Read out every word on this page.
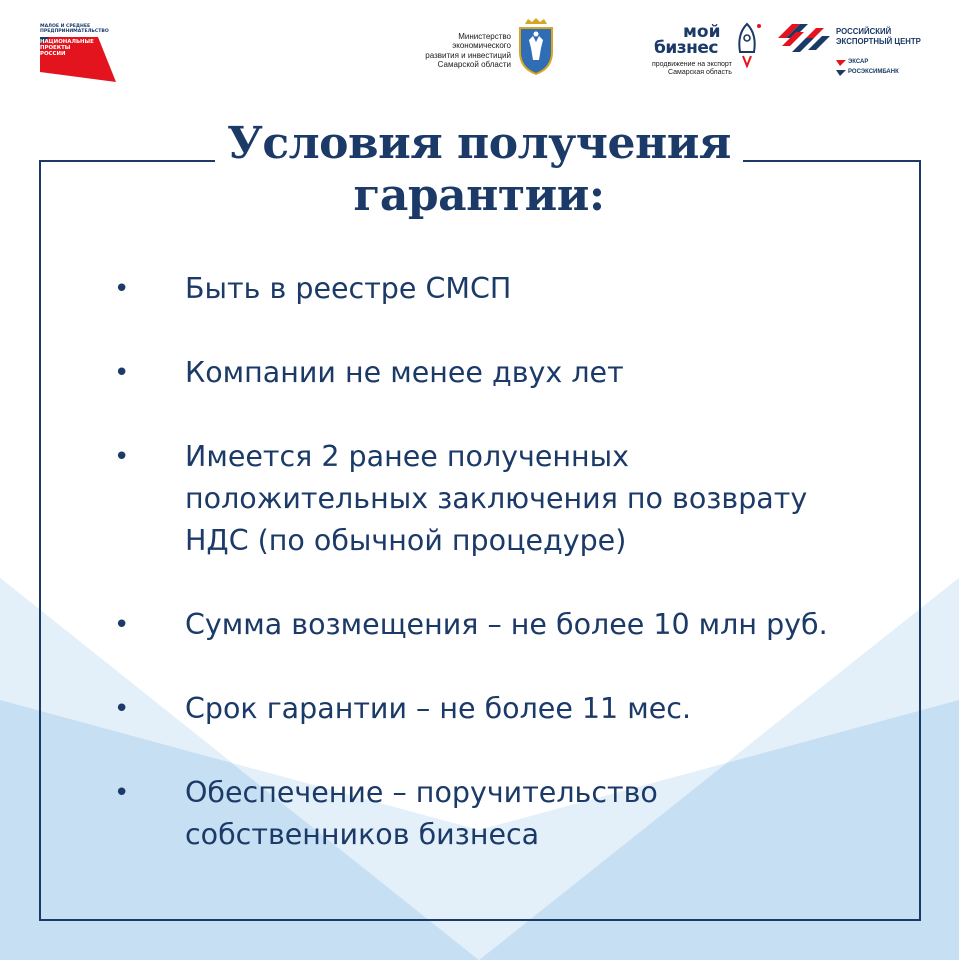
МАЛОЕ И СРЕДНЕЕ
ПРЕДПРИНИМАТЕЛЬСТВО
НАЦИОНАЛЬНЫЕ
ПРОЕКТЫ
РОССИИ
Министерство
экономического
развития и инвестиций
Самарской области
мой
бизнес
продвижение на экспорт
Самарская область
РОССИЙСКИЙ
ЭКСПОРТНЫЙ ЦЕНТР
ЭКСАР
РОСЭКСИМБАНК
Условия получения
гарантии:
• Быть в реестре СМСП
• Компании не менее двух лет
• Имеется 2 ранее полученных
положительных заключения по возврату
НДС (по обычной процедуре)
• Сумма возмещения – не более 10 млн руб.
• Срок гарантии – не более 11 мес.
• Обеспечение – поручительство
собственников бизнеса
